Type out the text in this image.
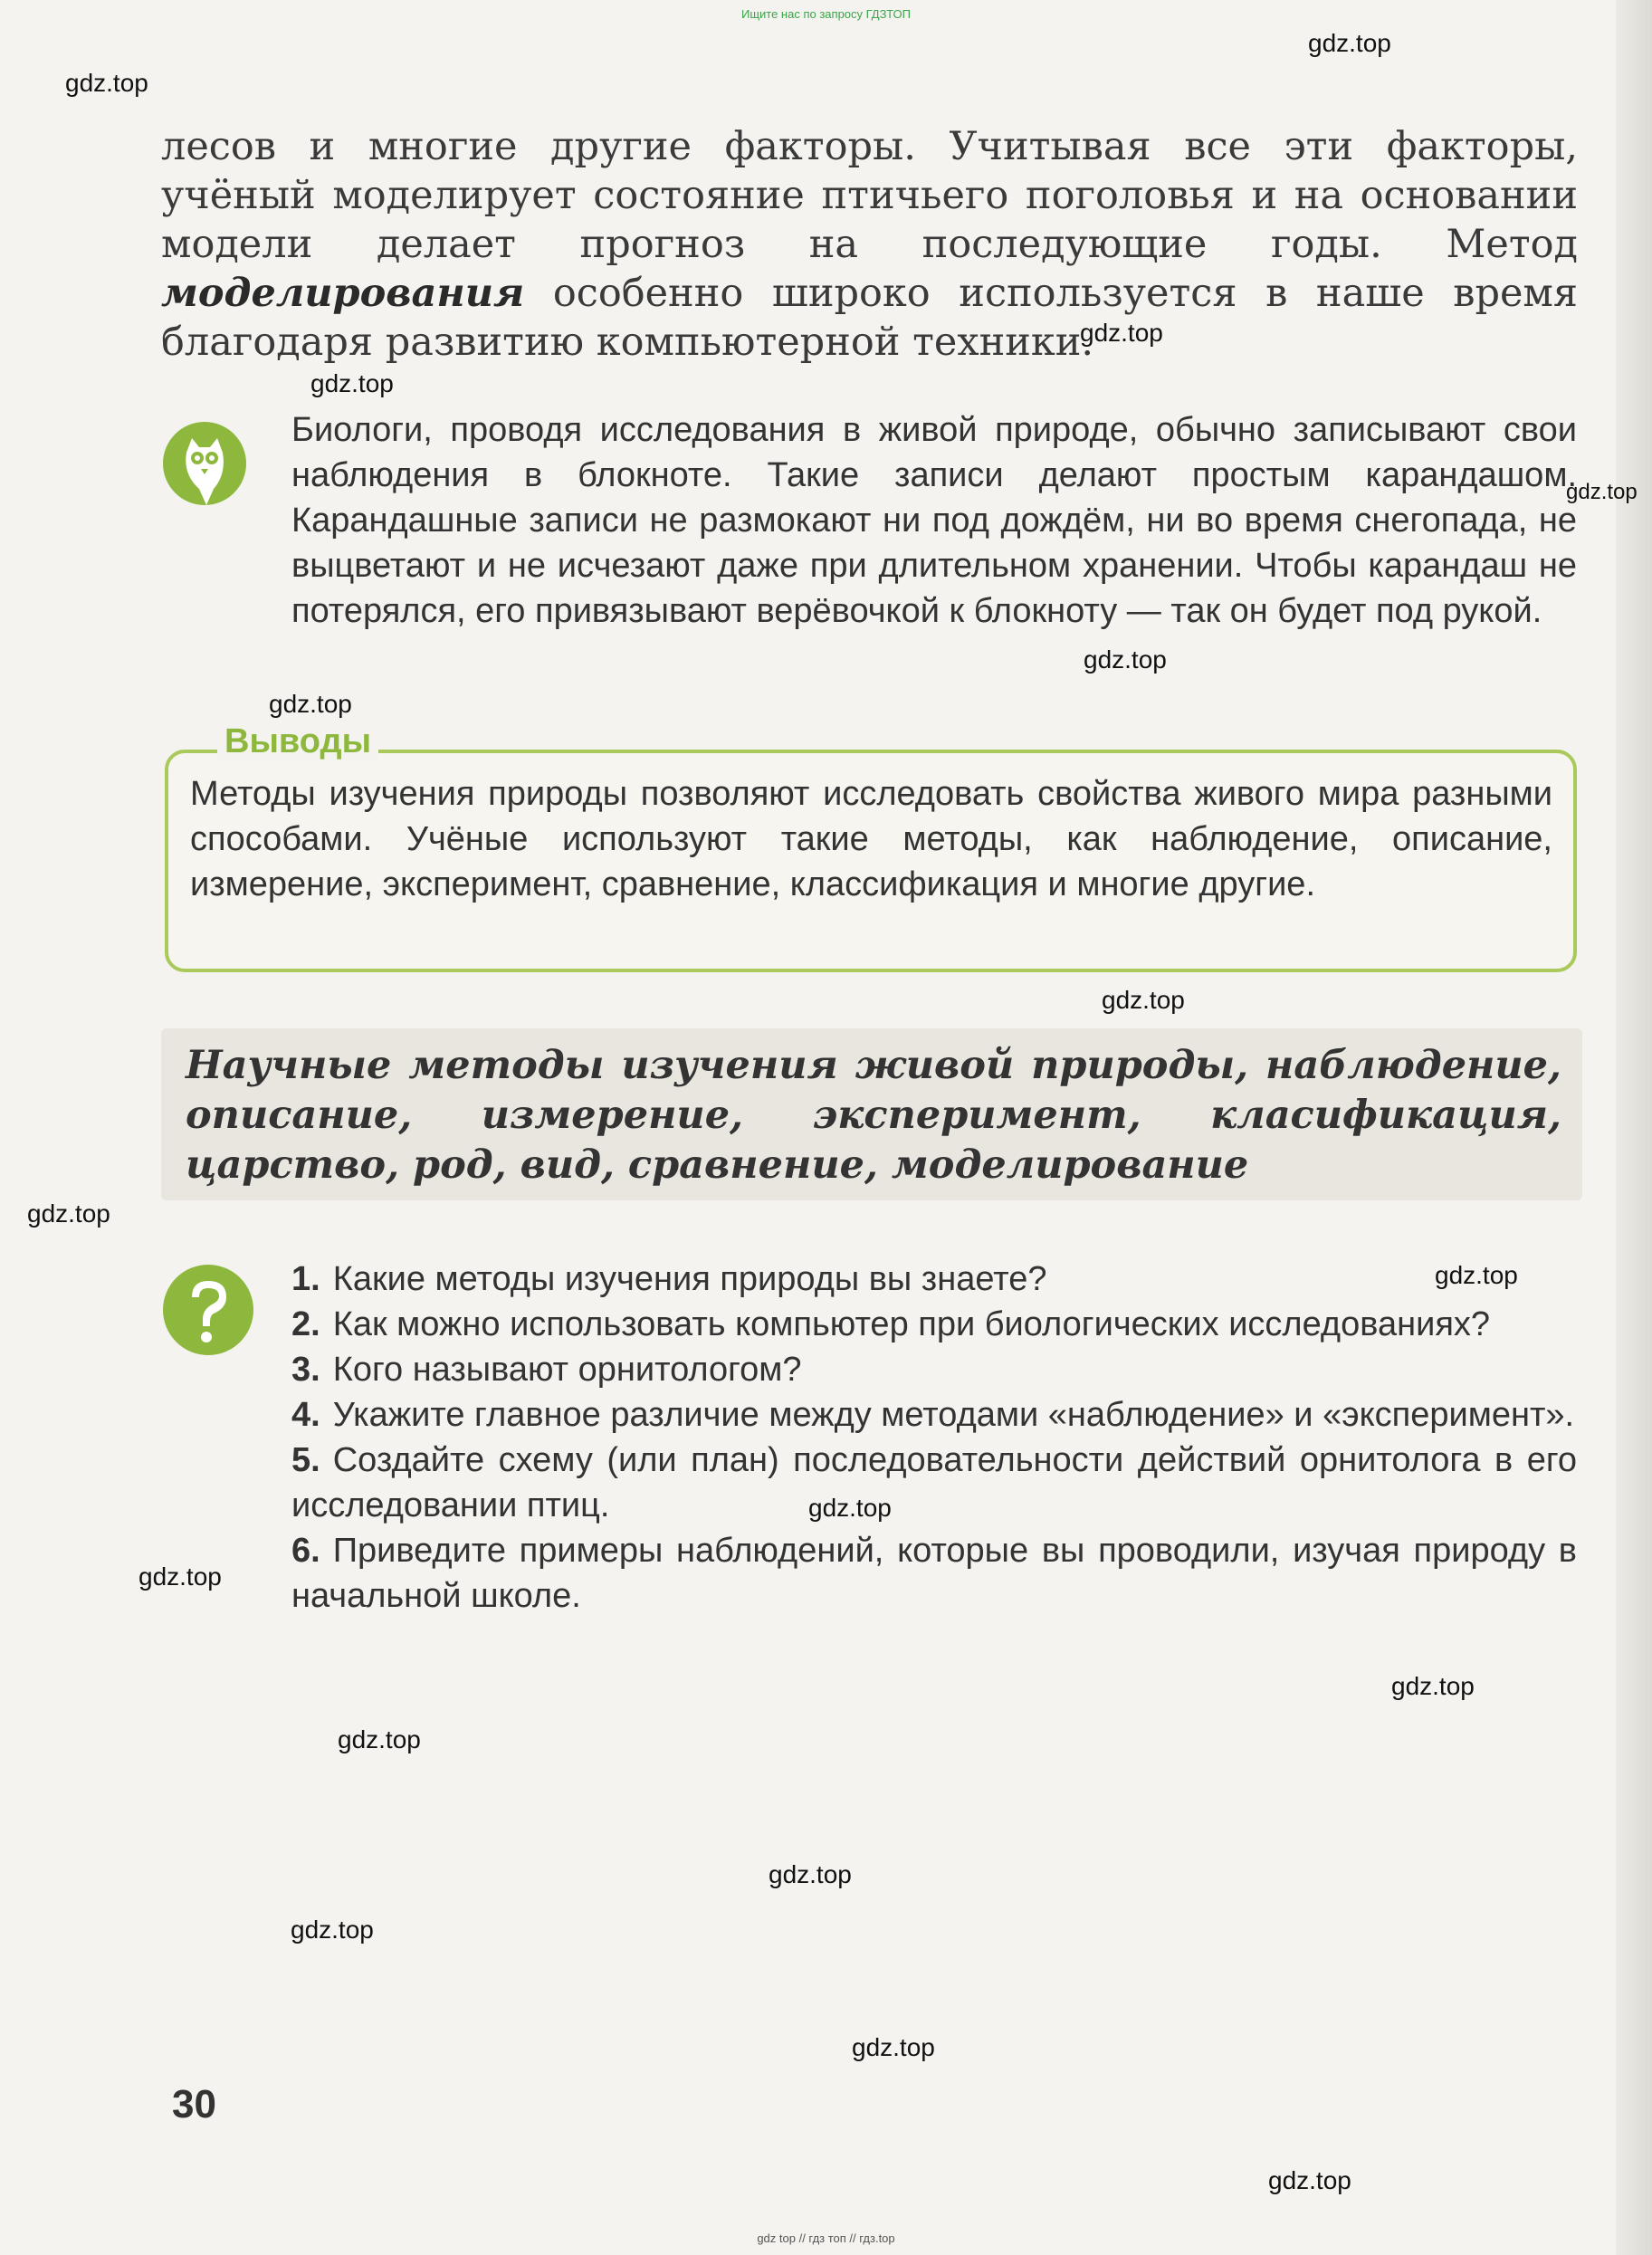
Ищите нас по запросу ГДЗТОП
gdz.top
gdz.top
gdz.top
gdz.top
gdz.top
gdz.top
gdz.top
gdz.top
gdz.top
gdz.top
gdz.top
gdz.top
gdz.top
gdz.top
gdz.top
gdz.top
gdz.top
gdz.top

лесов и многие другие факторы. Учитывая все эти факторы, учёный моделирует состояние птичьего поголовья и на основании модели делает прогноз на последующие годы. Метод моделирования особенно широко используется в наше время благодаря развитию компьютерной техники.

Биологи, проводя исследования в живой природе, обычно записывают свои наблюдения в блокноте. Такие записи делают простым карандашом. Карандашные записи не размокают ни под дождём, ни во время снегопада, не выцветают и не исчезают даже при длительном хранении. Чтобы карандаш не потерялся, его привязывают верёвочкой к блокноту — так он будет под рукой.

Выводы

Методы изучения природы позволяют исследовать свойства живого мира разными способами. Учёные используют такие методы, как наблюдение, описание, измерение, эксперимент, сравнение, классификация и многие другие.

Научные методы изучения живой природы, наблюдение, описание, измерение, эксперимент, класификация, царство, род, вид, сравнение, моделирование

1. Какие методы изучения природы вы знаете?
2. Как можно использовать компьютер при биологических исследованиях?
3. Кого называют орнитологом?
4. Укажите главное различие между методами «наблюдение» и «эксперимент».
5. Создайте схему (или план) последовательности действий орнитолога в его исследовании птиц.
6. Приведите примеры наблюдений, которые вы проводили, изучая природу в начальной школе.
30
gdz top // гдз топ // гдз.top
